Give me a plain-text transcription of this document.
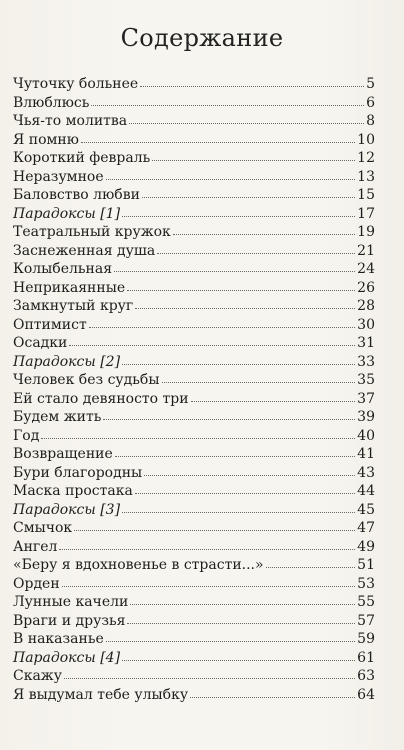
Содержание
Чуточку больнее	5
Влюблюсь	6
Чья-то молитва	8
Я помню	10
Короткий февраль	12
Неразумное	13
Баловство любви	15
Парадоксы [1]	17
Театральный кружок	19
Заснеженная душа	21
Колыбельная	24
Неприкаянные	26
Замкнутый круг	28
Оптимист	30
Осадки	31
Парадоксы [2]	33
Человек без судьбы	35
Ей стало девяносто три	37
Будем жить	39
Год	40
Возвращение	41
Бури благородны	43
Маска простака	44
Парадоксы [3]	45
Смычок	47
Ангел	49
«Беру я вдохновенье в страсти...»	51
Орден	53
Лунные качели	55
Враги и друзья	57
В наказанье	59
Парадоксы [4]	61
Скажу	63
Я выдумал тебе улыбку	64
